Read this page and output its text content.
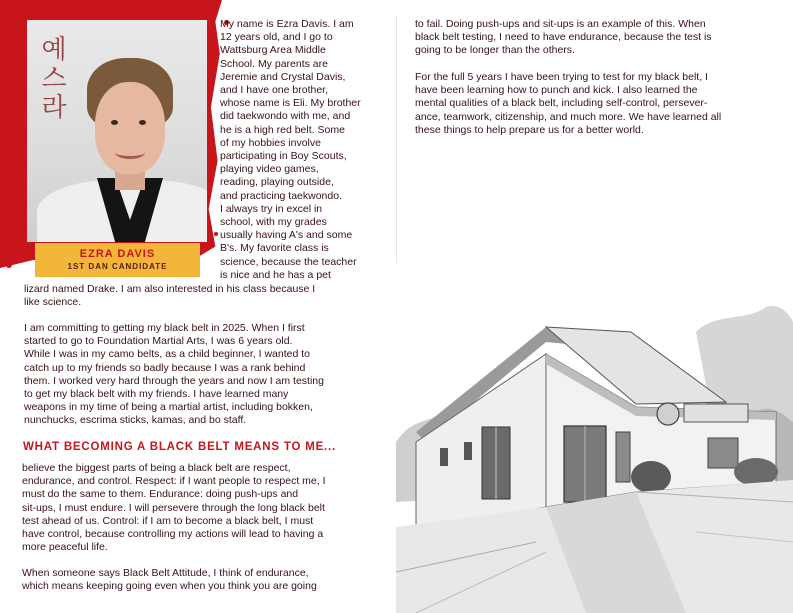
예
스
라
EZRA DAVIS
1ST DAN CANDIDATE
My name is Ezra Davis. I am
12 years old, and I go to
Wattsburg Area Middle
School. My parents are
Jeremie and Crystal Davis,
and I have one brother,
whose name is Eli. My brother
did taekwondo with me, and
he is a high red belt. Some
of my hobbies involve
participating in Boy Scouts,
playing video games,
reading, playing outside,
and practicing taekwondo.
I always try in excel in
school, with my grades
usually having A's and some
B's. My favorite class is
science, because the teacher
is nice and he has a pet
lizard named Drake. I am also interested in his class because I
like science.
I am committing to getting my black belt in 2025. When I first
started to go to Foundation Martial Arts, I was 6 years old.
While I was in my camo belts, as a child beginner, I wanted to
catch up to my friends so badly because I was a rank behind
them. I worked very hard through the years and now I am testing
to get my black belt with my friends. I have learned many
weapons in my time of being a martial artist, including bokken,
nunchucks, escrima sticks, kamas, and bo staff.
WHAT BECOMING A BLACK BELT MEANS TO ME...
believe the biggest parts of being a black belt are respect,
endurance, and control. Respect: if I want people to respect me, I
must do the same to them. Endurance: doing push-ups and
sit-ups, I must endure. I will persevere through the long black belt
test ahead of us. Control: if I am to become a black belt, I must
have control, because controlling my actions will lead to having a
more peaceful life.
When someone says Black Belt Attitude, I think of endurance,
which means keeping going even when you think you are going
to fail. Doing push-ups and sit-ups is an example of this. When
black belt testing, I need to have endurance, because the test is
going to be longer than the others.
For the full 5 years I have been trying to test for my black belt, I
have been learning how to punch and kick. I also learned the
mental qualities of a black belt, including self-control, persever-
ance, teamwork, citizenship, and much more. We have learned all
these things to help prepare us for a better world.
